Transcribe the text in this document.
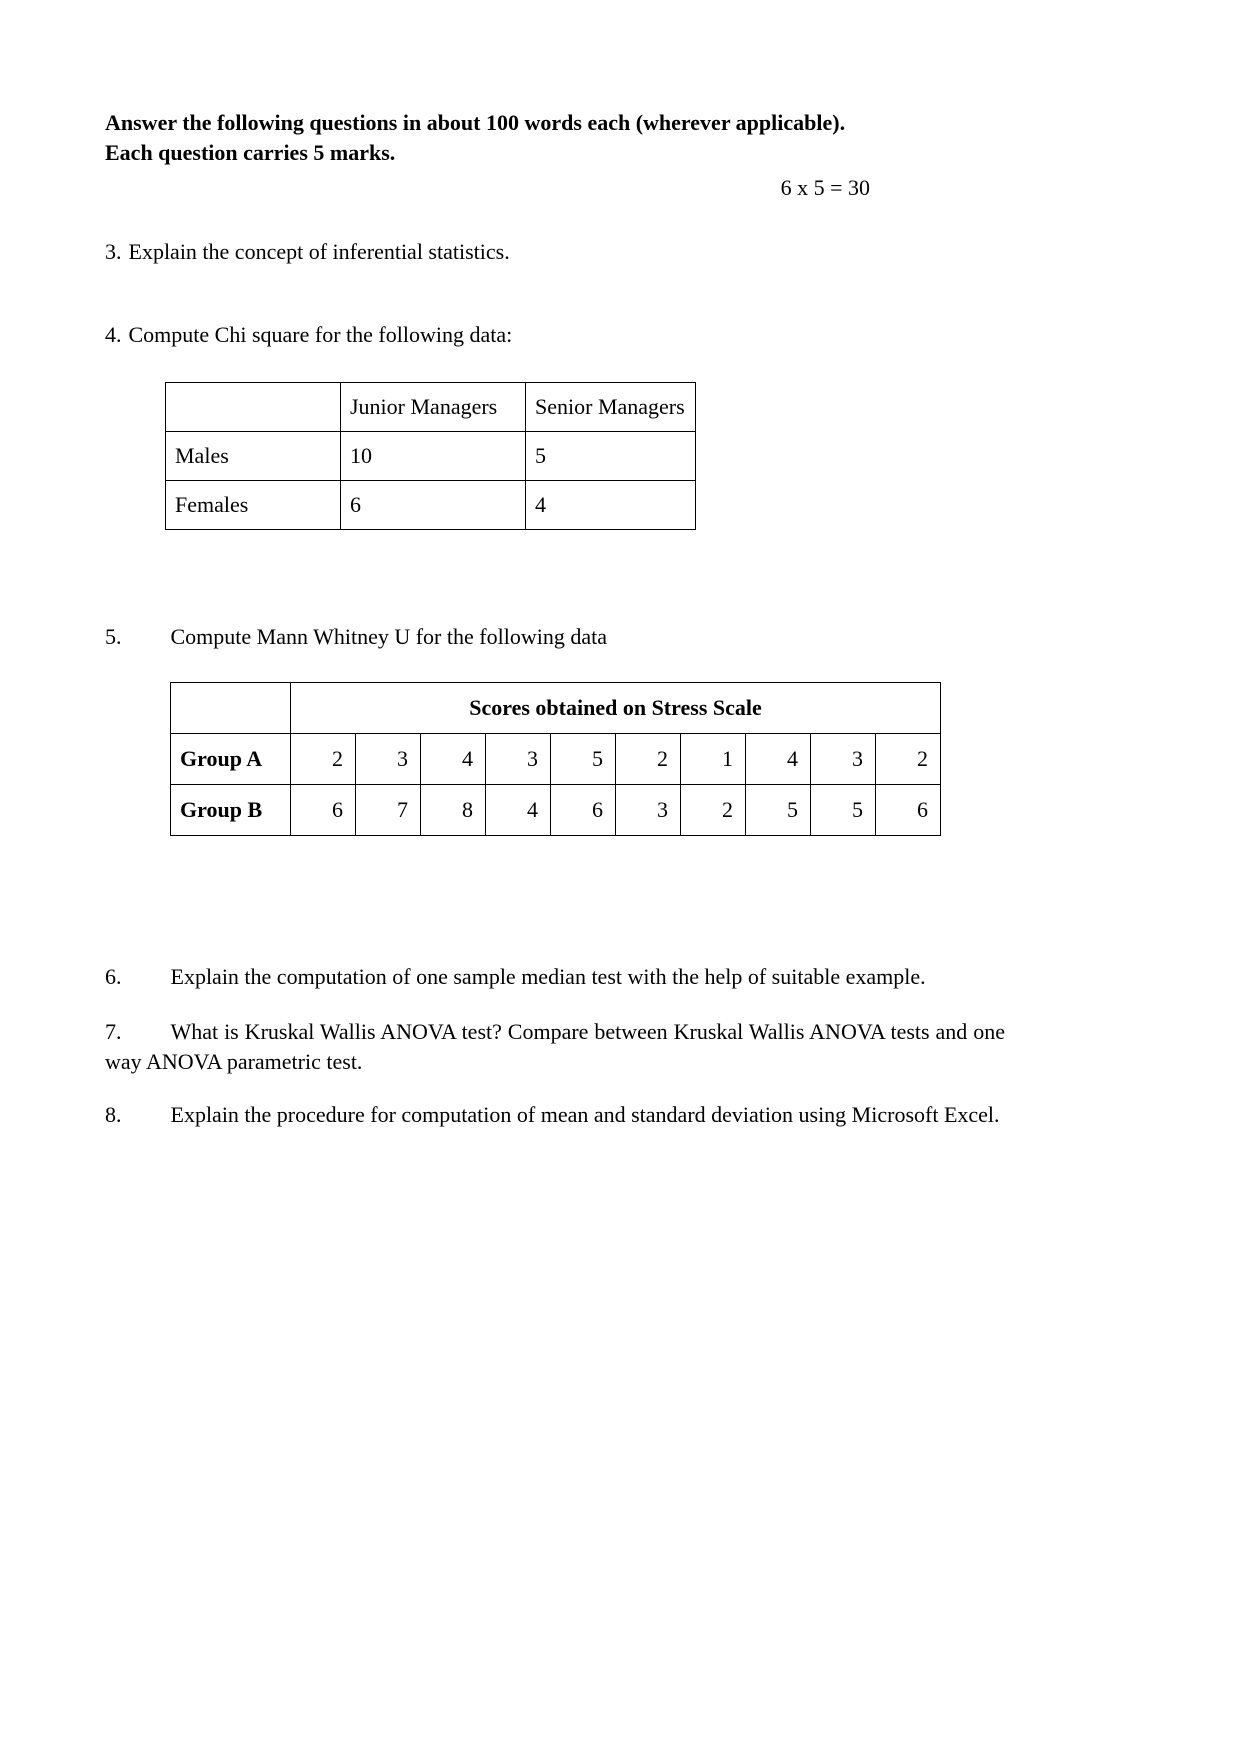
Answer the following questions in about 100 words each (wherever applicable).
Each question carries 5 marks.
6 x 5 = 30

3. Explain the concept of inferential statistics.

4. Compute Chi square for the following data:

	Junior Managers	Senior Managers
Males	10	5
Females	6	4

5. Compute Mann Whitney U for the following data

	Scores obtained on Stress Scale									
Group A	2	3	4	3	5	2	1	4	3	2
Group B	6	7	8	4	6	3	2	5	5	6

6. Explain the computation of one sample median test with the help of suitable example.

7. What is Kruskal Wallis ANOVA test? Compare between Kruskal Wallis ANOVA tests and one way ANOVA parametric test.

8. Explain the procedure for computation of mean and standard deviation using Microsoft Excel.
